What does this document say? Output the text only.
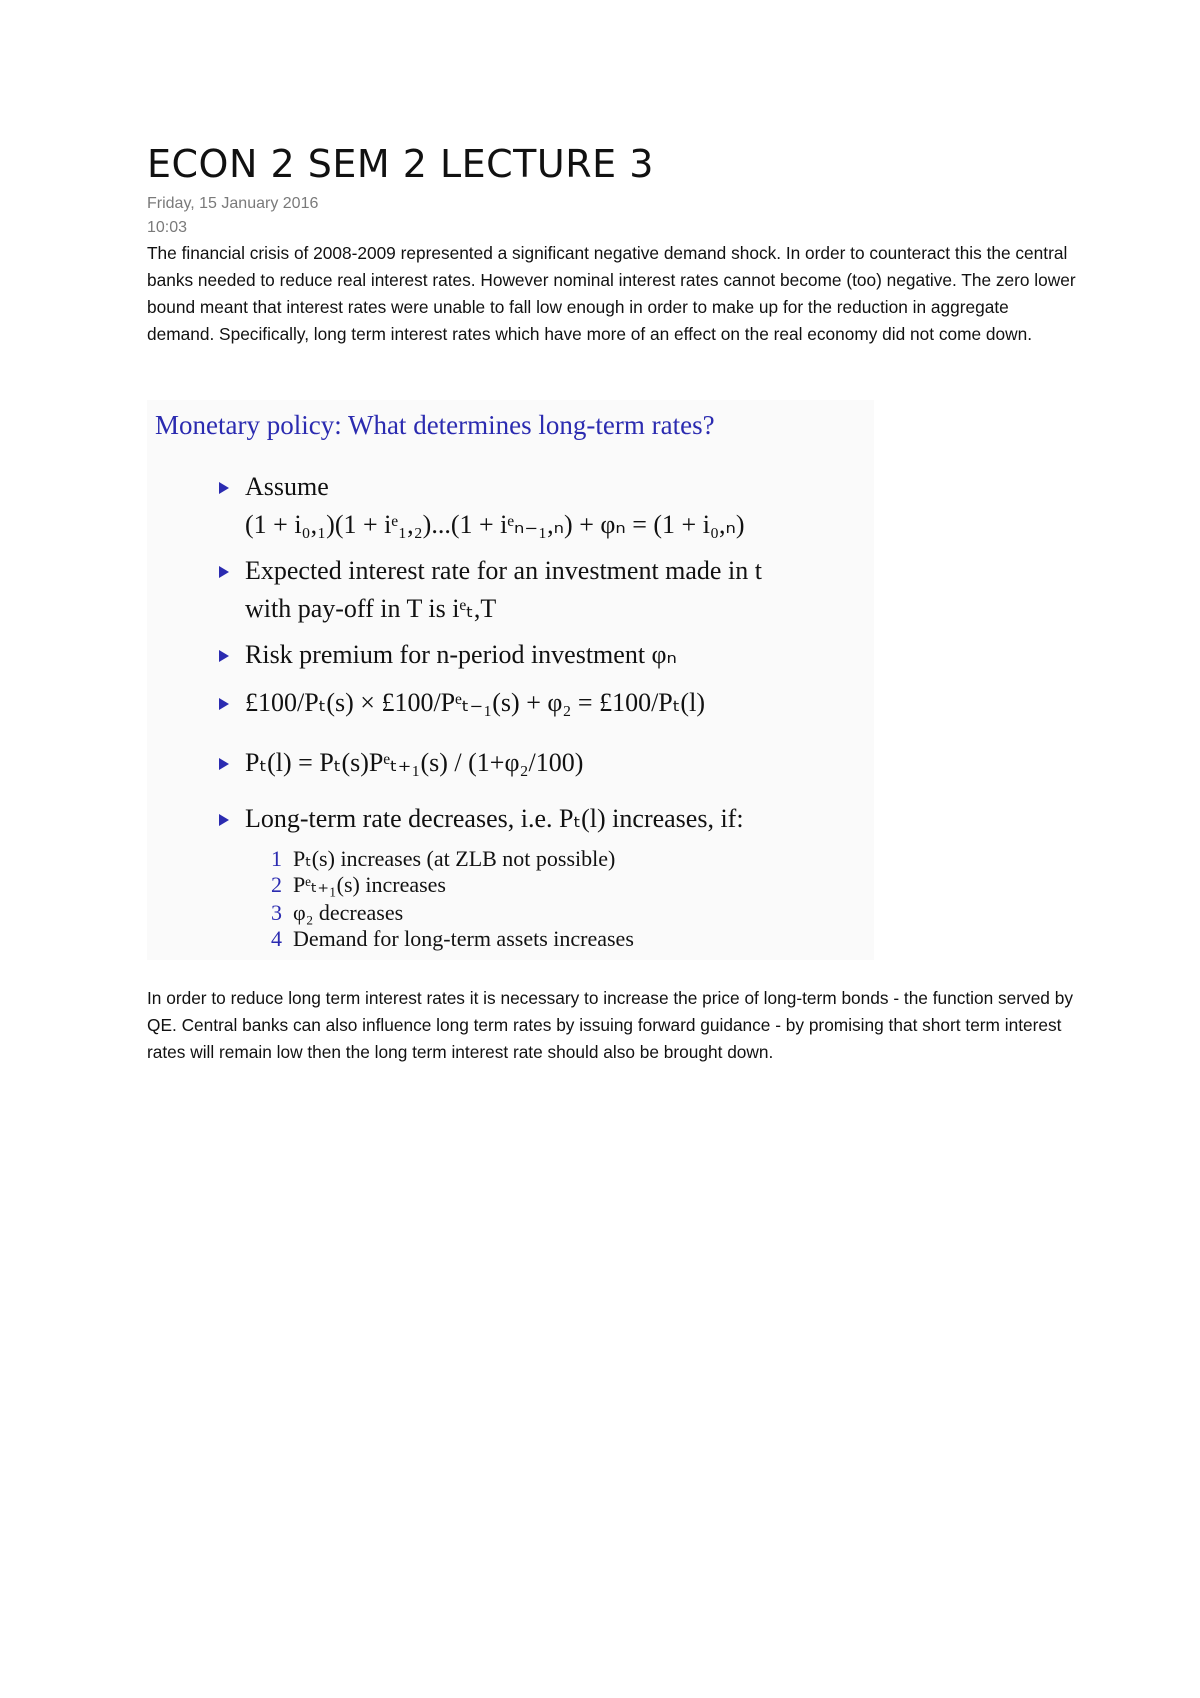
ECON 2 SEM 2 LECTURE 3
Friday, 15 January 2016
10:03

The financial crisis of 2008-2009 represented a significant negative demand shock. In order to counteract this the central banks needed to reduce real interest rates. However nominal interest rates cannot become (too) negative. The zero lower bound meant that interest rates were unable to fall low enough in order to make up for the reduction in aggregate demand. Specifically, long term interest rates which have more of an effect on the real economy did not come down.

Monetary policy: What determines long-term rates?
Assume
(1 + i₀,₁)(1 + iᵉ₁,₂)...(1 + iᵉₙ₋₁,ₙ) + φₙ = (1 + i₀,ₙ)
Expected interest rate for an investment made in t
with pay-off in T is iᵉₜ,T
Risk premium for n-period investment φₙ
£100/Pₜ(s) × £100/Pᵉₜ₋₁(s) + φ₂ = £100/Pₜ(l)
Pₜ(l) = Pₜ(s)Pᵉₜ₊₁(s) / (1+φ₂/100)
Long-term rate decreases, i.e. Pₜ(l) increases, if:
1 Pₜ(s) increases (at ZLB not possible)
2 Pᵉₜ₊₁(s) increases
3 φ₂ decreases
4 Demand for long-term assets increases

In order to reduce long term interest rates it is necessary to increase the price of long-term bonds - the function served by QE. Central banks can also influence long term rates by issuing forward guidance - by promising that short term interest rates will remain low then the long term interest rate should also be brought down.
